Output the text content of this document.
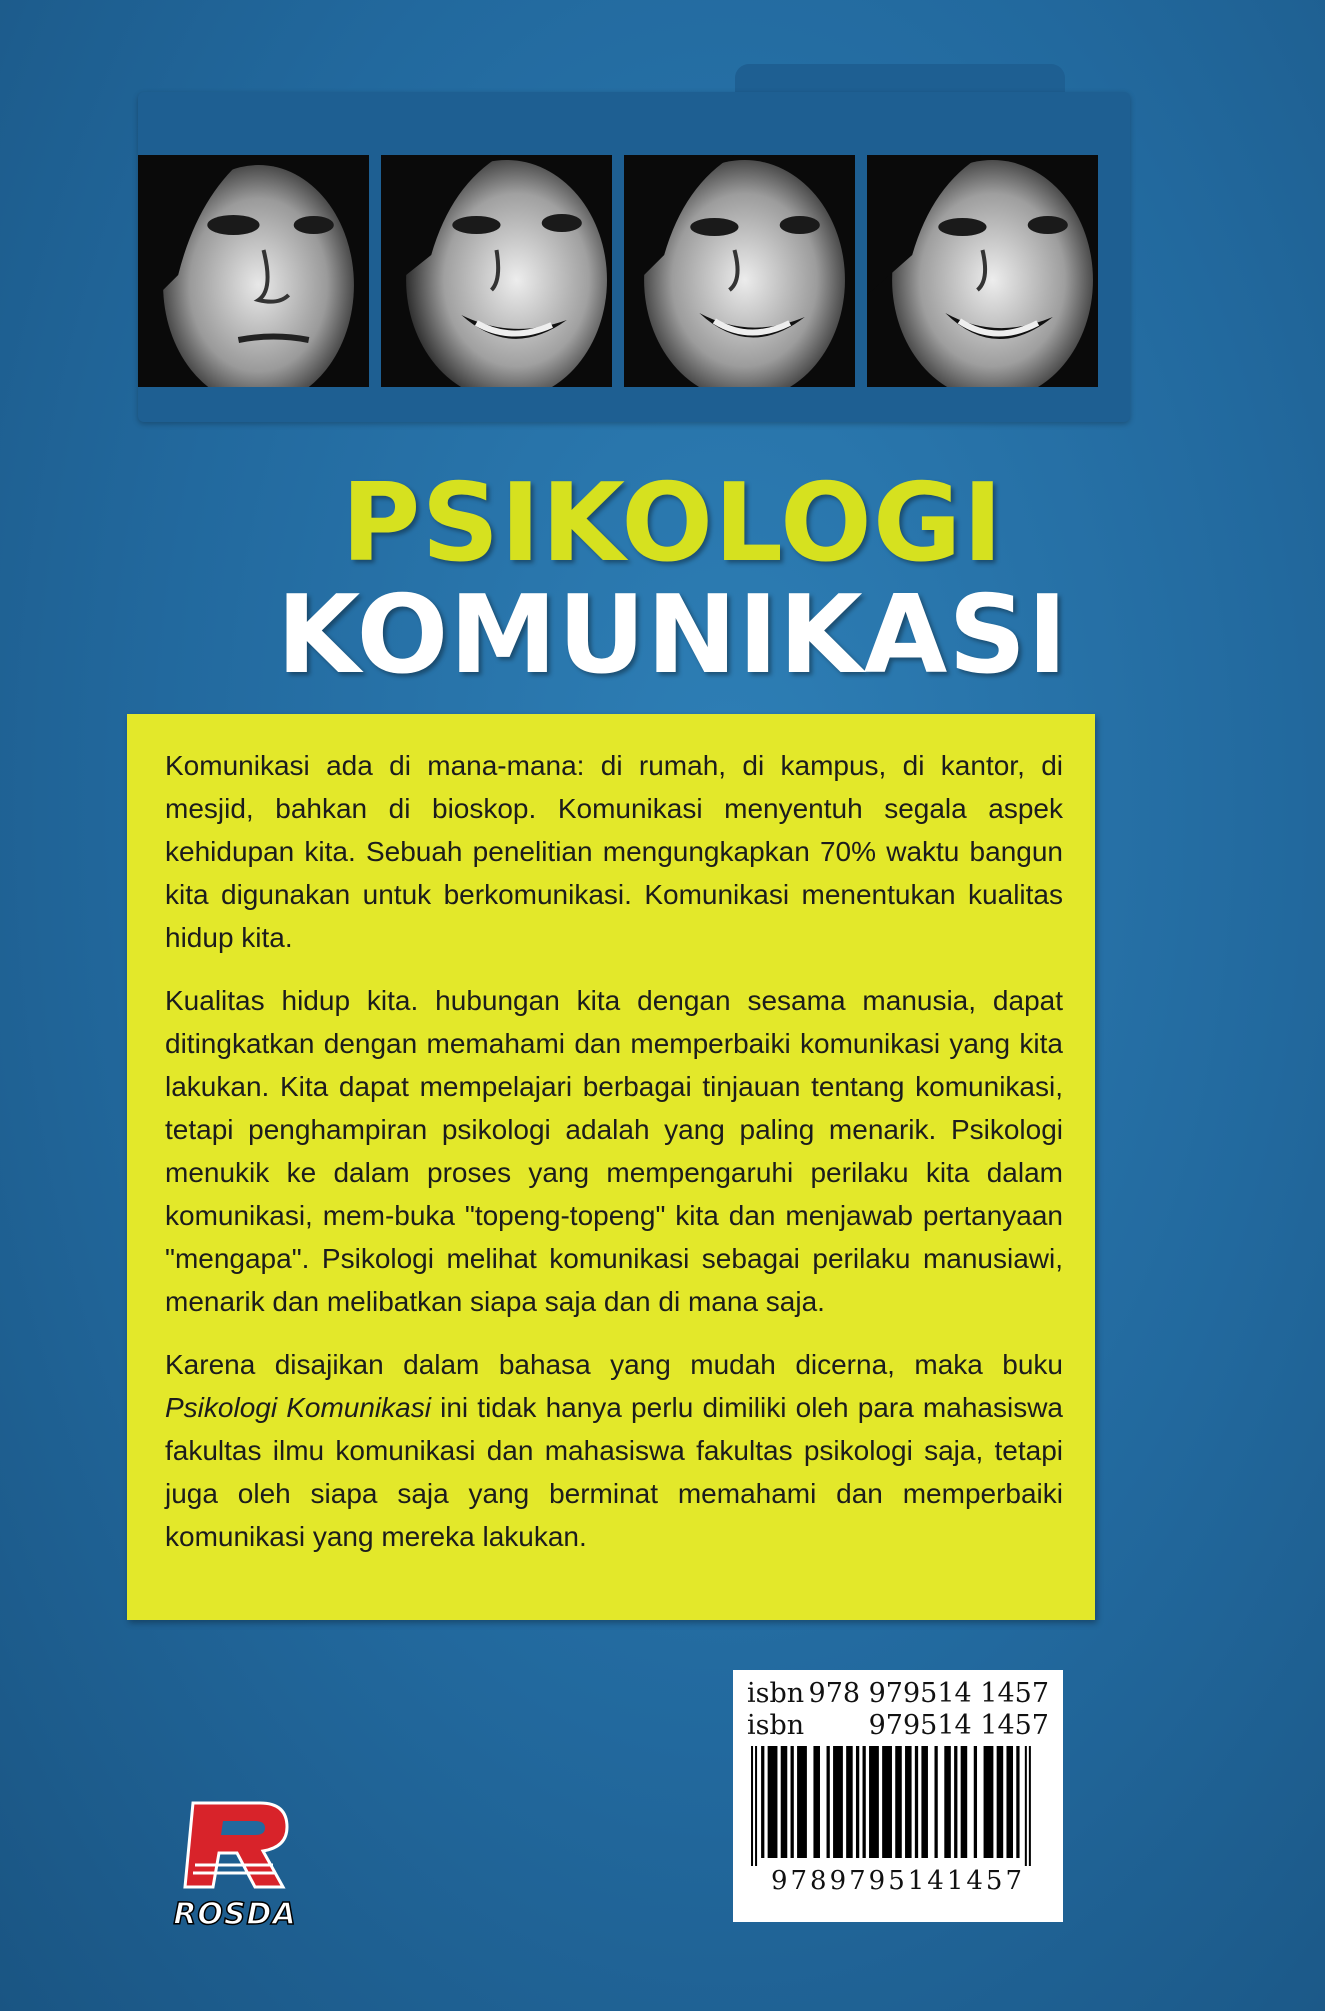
PSIKOLOGI
KOMUNIKASI

Komunikasi ada di mana-mana: di rumah, di kampus, di kantor, di mesjid, bahkan di bioskop. Komunikasi menyentuh segala aspek kehidupan kita. Sebuah penelitian mengungkapkan 70% waktu bangun kita digunakan untuk berkomunikasi. Komunikasi menentukan kualitas hidup kita.

Kualitas hidup kita. hubungan kita dengan sesama manusia, dapat ditingkatkan dengan memahami dan memperbaiki komunikasi yang kita lakukan. Kita dapat mempelajari berbagai tinjauan tentang komunikasi, tetapi penghampiran psikologi adalah yang paling menarik. Psikologi menukik ke dalam proses yang mempengaruhi perilaku kita dalam komunikasi, mem-buka "topeng-topeng" kita dan menjawab pertanyaan "mengapa". Psikologi melihat komunikasi sebagai perilaku manusiawi, menarik dan melibatkan siapa saja dan di mana saja.

Karena disajikan dalam bahasa yang mudah dicerna, maka buku Psikologi Komunikasi ini tidak hanya perlu dimiliki oleh para mahasiswa fakultas ilmu komunikasi dan mahasiswa fakultas psikologi saja, tetapi juga oleh siapa saja yang berminat memahami dan memperbaiki komunikasi yang mereka lakukan.

isbn 978 979514 1457
isbn 979514 1457
9789795141457
ROSDA
